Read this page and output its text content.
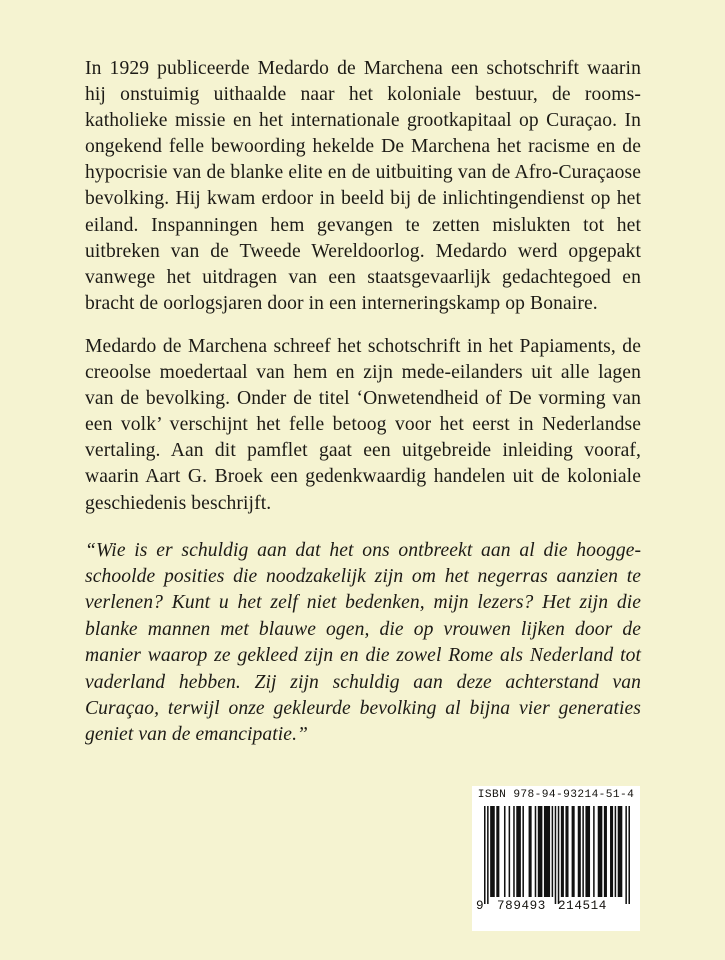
In 1929 publiceerde Medardo de Marchena een schotschrift waarin hij onstuimig uithaalde naar het koloniale bestuur, de rooms-katholieke missie en het internationale grootkapitaal op Curaçao. In ongekend felle bewoording hekelde De Marchena het racisme en de hypocrisie van de blanke elite en de uitbuiting van de Afro-Curaçaose bevolking. Hij kwam erdoor in beeld bij de inlichtingendienst op het eiland. Inspanningen hem gevangen te zetten mislukten tot het uitbreken van de Tweede Wereldoorlog. Medardo werd opgepakt vanwege het uitdragen van een staatsgevaarlijk gedachtegoed en bracht de oorlogsjaren door in een interneringskamp op Bonaire.

Medardo de Marchena schreef het schotschrift in het Papiaments, de creoolse moedertaal van hem en zijn mede-eilanders uit alle lagen van de bevolking. Onder de titel ‘Onwetendheid of De vorming van een volk’ verschijnt het felle betoog voor het eerst in Nederlandse vertaling. Aan dit pamflet gaat een uitgebreide inleiding vooraf, waarin Aart G. Broek een gedenkwaardig handelen uit de koloniale geschiedenis beschrijft.

“Wie is er schuldig aan dat het ons ontbreekt aan al die hooggeschoolde posities die noodzakelijk zijn om het negerras aanzien te verlenen? Kunt u het zelf niet bedenken, mijn lezers? Het zijn die blanke mannen met blauwe ogen, die op vrouwen lijken door de manier waarop ze gekleed zijn en die zowel Rome als Nederland tot vaderland hebben. Zij zijn schuldig aan deze achterstand van Curaçao, terwijl onze gekleurde bevolking al bijna vier generaties geniet van de emancipatie.”

ISBN 978-94-93214-51-4
9 789493 214514
